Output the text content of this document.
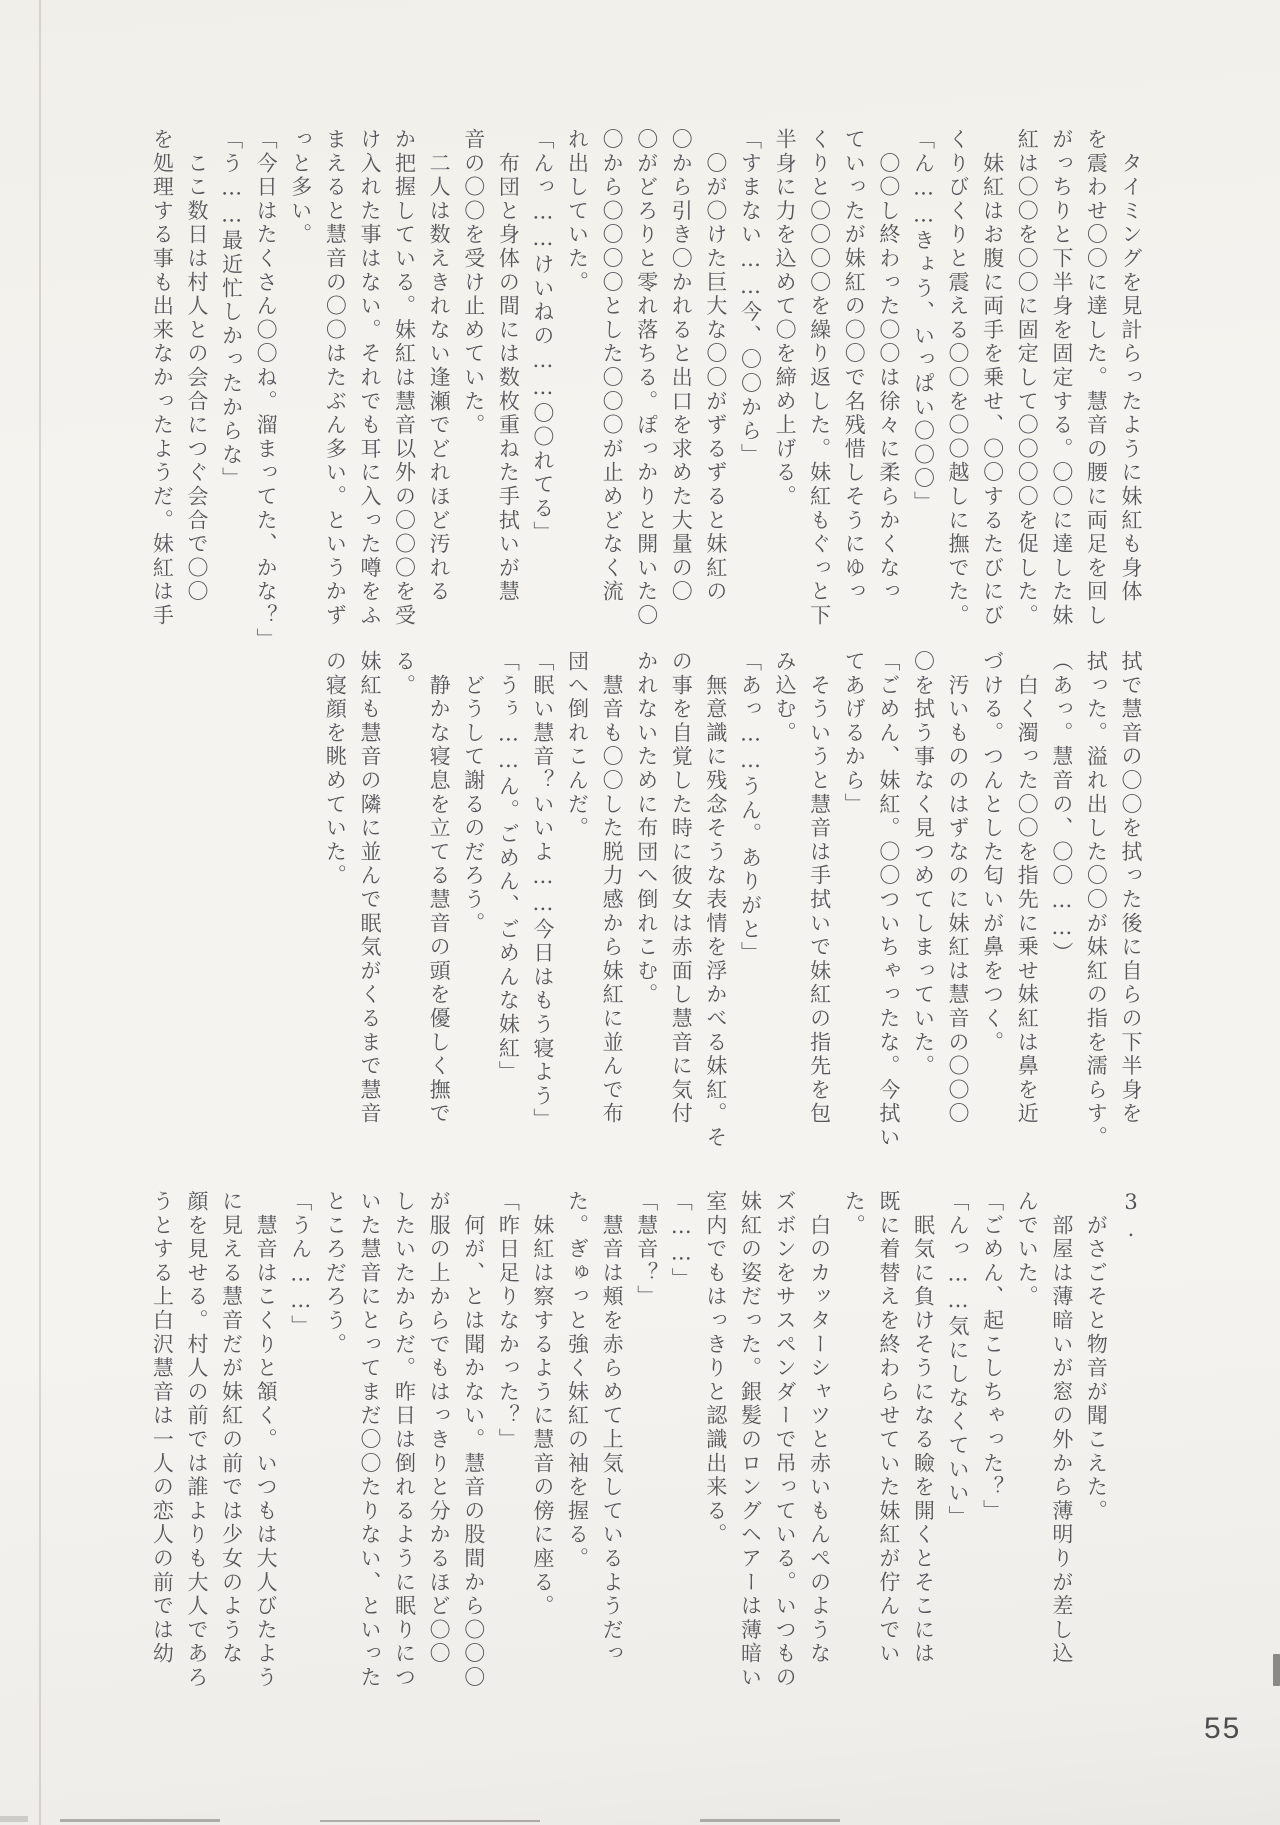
　タイミングを見計らったように妹紅も身体

を震わせ〇〇に達した。慧音の腰に両足を回し

がっちりと下半身を固定する。〇〇に達した妹

紅は〇〇を〇〇に固定して〇〇〇〇を促した。

　妹紅はお腹に両手を乗せ、〇〇するたびにび

くりびくりと震える〇〇を〇〇越しに撫でた。

「ん……きょう、いっぱい〇〇〇」

　〇〇し終わった〇〇は徐々に柔らかくなっ

ていったが妹紅の〇〇で名残惜しそうにゆっ

くりと〇〇〇〇を繰り返した。妹紅もぐっと下

半身に力を込めて〇を締め上げる。

「すまない……今、〇〇から」

　〇が〇けた巨大な〇〇がずるずると妹紅の

〇から引き〇かれると出口を求めた大量の〇

〇がどろりと零れ落ちる。ぽっかりと開いた〇

〇から〇〇〇〇とした〇〇〇が止めどなく流

れ出していた。

「んっ……けいねの……〇〇れてる」

　布団と身体の間には数枚重ねた手拭いが慧

音の〇〇を受け止めていた。

　二人は数えきれない逢瀬でどれほど汚れる

か把握している。妹紅は慧音以外の〇〇〇を受

け入れた事はない。それでも耳に入った噂をふ

まえると慧音の〇〇はたぶん多い。というかず

っと多い。

「今日はたくさん〇〇ね。溜まってた、かな？」

「う……最近忙しかったからな」

　ここ数日は村人との会合につぐ会合で〇〇

を処理する事も出来なかったようだ。妹紅は手

拭で慧音の〇〇を拭った後に自らの下半身を

拭った。溢れ出した〇〇が妹紅の指を濡らす。

（あっ。慧音の、〇〇……）

　白く濁った〇〇を指先に乗せ妹紅は鼻を近

づける。つんとした匂いが鼻をつく。

　汚いもののはずなのに妹紅は慧音の〇〇〇

〇を拭う事なく見つめてしまっていた。

「ごめん、妹紅。〇〇ついちゃったな。今拭い

てあげるから」

　そういうと慧音は手拭いで妹紅の指先を包

み込む。

「あっ……うん。ありがと」

　無意識に残念そうな表情を浮かべる妹紅。そ

の事を自覚した時に彼女は赤面し慧音に気付

かれないために布団へ倒れこむ。

　慧音も〇〇した脱力感から妹紅に並んで布

団へ倒れこんだ。

「眠い慧音？いいよ……今日はもう寝よう」

「うぅ……ん。ごめん、ごめんな妹紅」

　どうして謝るのだろう。

　静かな寝息を立てる慧音の頭を優しく撫で

る。

妹紅も慧音の隣に並んで眠気がくるまで慧音

の寝顔を眺めていた。

3.

　がさごそと物音が聞こえた。

　部屋は薄暗いが窓の外から薄明りが差し込

んでいた。

「ごめん、起こしちゃった？」

「んっ……気にしなくていい」

　眠気に負けそうになる瞼を開くとそこには

既に着替えを終わらせていた妹紅が佇んでい

た。

　白のカッターシャツと赤いもんぺのような

ズボンをサスペンダーで吊っている。いつもの

妹紅の姿だった。銀髪のロングヘアーは薄暗い

室内でもはっきりと認識出来る。

「……」

「慧音？」

　慧音は頬を赤らめて上気しているようだっ

た。ぎゅっと強く妹紅の袖を握る。

　妹紅は察するように慧音の傍に座る。

「昨日足りなかった？」

　何が、とは聞かない。慧音の股間から〇〇〇

が服の上からでもはっきりと分かるほど〇〇

したいたからだ。昨日は倒れるように眠りにつ

いた慧音にとってまだ〇〇たりない、といった

ところだろう。

「うん……」

　慧音はこくりと頷く。いつもは大人びたよう

に見える慧音だが妹紅の前では少女のような

顔を見せる。村人の前では誰よりも大人であろ

うとする上白沢慧音は一人の恋人の前では幼

55
